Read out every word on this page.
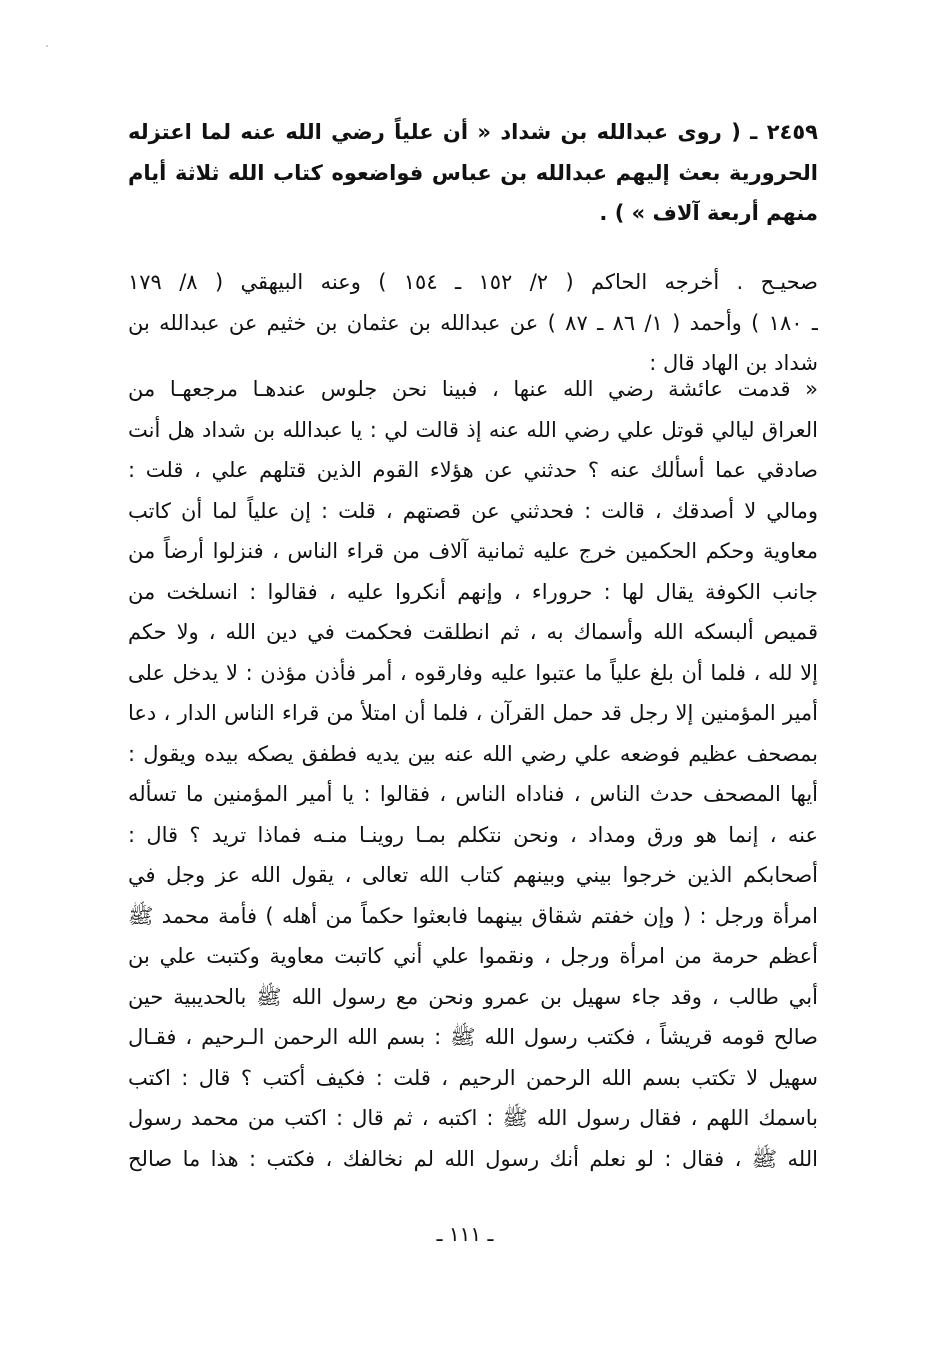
٢٤٥٩ ـ ( روى عبدالله بن شداد « أن علياً رضي الله عنه لما اعتزله
الحرورية بعث إليهم عبدالله بن عباس فواضعوه كتاب الله ثلاثة أيام
منهم أربعة آلاف » ) .
صحيـح . أخرجه الحاكم ( ٢/ ١٥٢ ـ ١٥٤ ) وعنه البيهقي ( ٨/ ١٧٩
ـ ١٨٠ ) وأحمد ( ١/ ٨٦ ـ ٨٧ ) عن عبدالله بن عثمان بن خثيم عن عبدالله بن
شداد بن الهاد قال :
« قدمت عائشة رضي الله عنها ، فبينا نحن جلوس عندهـا مرجعهـا من
العراق ليالي قوتل علي رضي الله عنه إذ قالت لي : يا عبدالله بن شداد هل أنت
صادقي عما أسألك عنه ؟ حدثني عن هؤلاء القوم الذين قتلهم علي ، قلت :
ومالي لا أصدقك ، قالت : فحدثني عن قصتهم ، قلت : إن علياً لما أن كاتب
معاوية وحكم الحكمين خرج عليه ثمانية آلاف من قراء الناس ، فنزلوا أرضاً من
جانب الكوفة يقال لها : حروراء ، وإنهم أنكروا عليه ، فقالوا : انسلخت من
قميص ألبسكه الله وأسماك به ، ثم انطلقت فحكمت في دين الله ، ولا حكم
إلا لله ، فلما أن بلغ علياً ما عتبوا عليه وفارقوه ، أمر فأذن مؤذن : لا يدخل على
أمير المؤمنين إلا رجل قد حمل القرآن ، فلما أن امتلأ من قراء الناس الدار ، دعا
بمصحف عظيم فوضعه علي رضي الله عنه بين يديه فطفق يصكه بيده ويقول :
أيها المصحف حدث الناس ، فناداه الناس ، فقالوا : يا أمير المؤمنين ما تسأله
عنه ، إنما هو ورق ومداد ، ونحن نتكلم بمـا روينـا منـه فماذا تريد ؟ قال :
أصحابكم الذين خرجوا بيني وبينهم كتاب الله تعالى ، يقول الله عز وجل في
امرأة ورجل : ( وإن خفتم شقاق بينهما فابعثوا حكماً من أهله ) فأمة محمد ﷺ
أعظم حرمة من امرأة ورجل ، ونقموا علي أني كاتبت معاوية وكتبت علي بن
أبي طالب ، وقد جاء سهيل بن عمرو ونحن مع رسول الله ﷺ بالحديبية حين
صالح قومه قريشاً ، فكتب رسول الله ﷺ : بسم الله الرحمن الـرحيم ، فقـال
سهيل لا تكتب بسم الله الرحمن الرحيم ، قلت : فكيف أكتب ؟ قال : اكتب
باسمك اللهم ، فقال رسول الله ﷺ : اكتبه ، ثم قال : اكتب من محمد رسول
الله ﷺ ، فقال : لو نعلم أنك رسول الله لم نخالفك ، فكتب : هذا ما صالح
ـ ١١١ ـ
